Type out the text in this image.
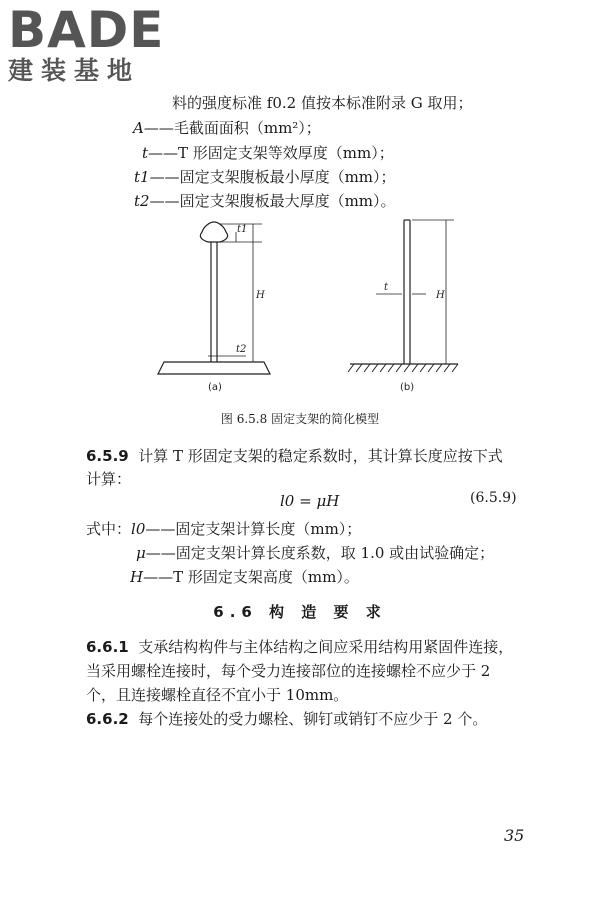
BADE
建装基地
料的强度标准 f0.2 值按本标准附录 G 取用；
A——毛截面面积（mm²）；
t——T 形固定支架等效厚度（mm）；
t1——固定支架腹板最小厚度（mm）；
t2——固定支架腹板最大厚度（mm）。
t1
t2
H
t
H
(a)	(b)
图 6.5.8 固定支架的简化模型
6.5.9 计算 T 形固定支架的稳定系数时，其计算长度应按下式
计算：
l0 = μH	(6.5.9)
式中：l0——固定支架计算长度（mm）；
μ——固定支架计算长度系数，取 1.0 或由试验确定；
H——T 形固定支架高度（mm）。
6.6 构 造 要 求
6.6.1 支承结构构件与主体结构之间应采用结构用紧固件连接，
当采用螺栓连接时，每个受力连接部位的连接螺栓不应少于 2
个，且连接螺栓直径不宜小于 10mm。
6.6.2 每个连接处的受力螺栓、铆钉或销钉不应少于 2 个。
35
